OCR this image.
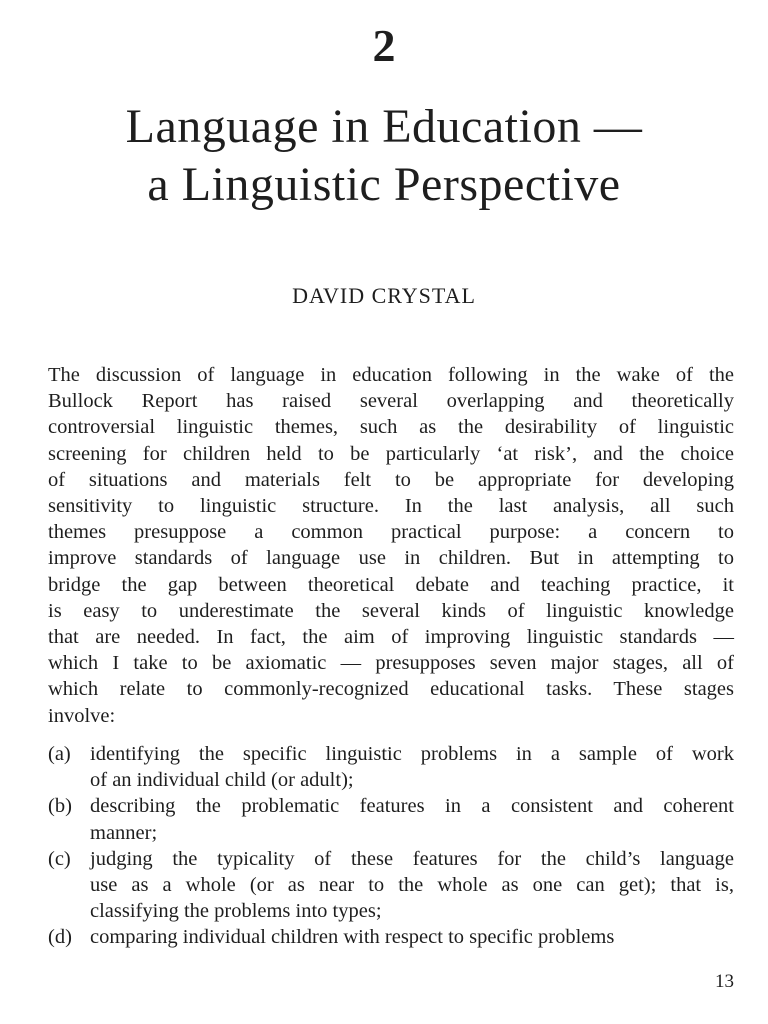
2
Language in Education —
a Linguistic Perspective
DAVID CRYSTAL
The discussion of language in education following in the wake of the
Bullock Report has raised several overlapping and theoretically
controversial linguistic themes, such as the desirability of linguistic
screening for children held to be particularly ‘at risk’, and the choice
of situations and materials felt to be appropriate for developing
sensitivity to linguistic structure. In the last analysis, all such
themes presuppose a common practical purpose: a concern to
improve standards of language use in children. But in attempting to
bridge the gap between theoretical debate and teaching practice, it
is easy to underestimate the several kinds of linguistic knowledge
that are needed. In fact, the aim of improving linguistic standards —
which I take to be axiomatic — presupposes seven major stages, all of
which relate to commonly-recognized educational tasks. These stages
involve:
(a) identifying the specific linguistic problems in a sample of work
of an individual child (or adult);
(b) describing the problematic features in a consistent and coherent
manner;
(c) judging the typicality of these features for the child’s language
use as a whole (or as near to the whole as one can get); that is,
classifying the problems into types;
(d) comparing individual children with respect to specific problems
13
